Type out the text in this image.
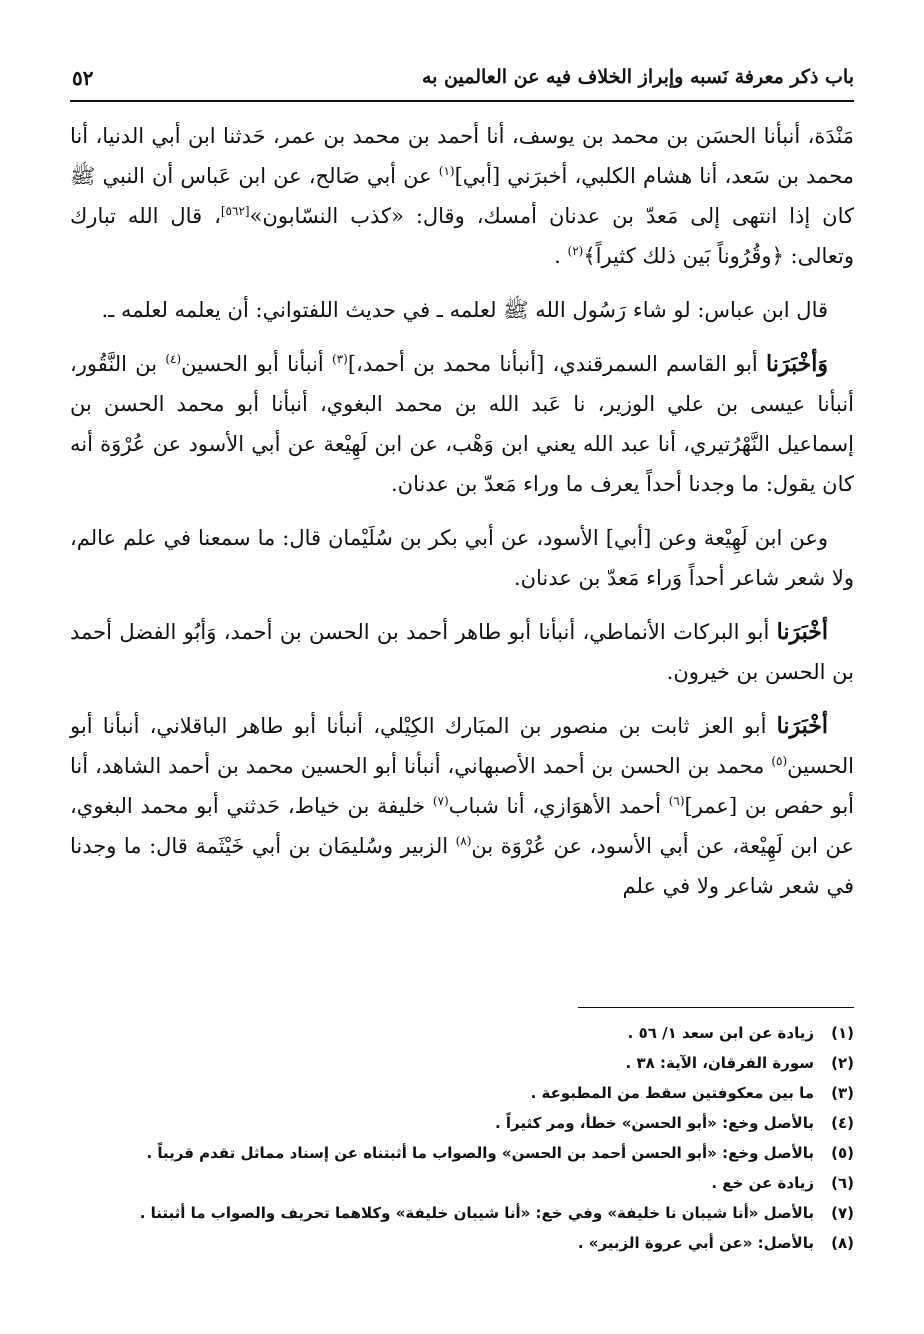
باب ذكر معرفة نَسبه وإبراز الخلاف فيه عن العالمين به
٥٢

مَنْدَة، أنبأنا الحسَن بن محمد بن يوسف، أنا أحمد بن محمد بن عمر، حَدثنا ابن أبي الدنيا، أنا محمد بن سَعد، أنا هشام الكلبي، أخبرَني [أبي]$^{(١)}$ عن أبي صَالح، عن ابن عَباس أن النبي ﷺ كان إذا انتهى إلى مَعدّ بن عدنان أمسك، وقال: «كذب النسّابون»[٥٦٢]، قال الله تبارك وتعالى: ﴿وقُرُوناً بَين ذلك كثيراً﴾$^{(٢)}$ .

قال ابن عباس: لو شاء رَسُول الله ﷺ لعلمه ـ في حديث اللفتواني: أن يعلمه لعلمه ـ.

وَأخْبَرَنا أبو القاسم السمرقندي، [أنبأنا محمد بن أحمد،]$^{(٣)}$ أنبأنا أبو الحسين$^{(٤)}$ بن النَّقُور، أنبأنا عيسى بن علي الوزير، نا عَبد الله بن محمد البغوي، أنبأنا أبو محمد الحسن بن إسماعيل النَّهْرُتيري، أنا عبد الله يعني ابن وَهْب، عن ابن لَهِيْعة عن أبي الأسود عن عُرْوَة أنه كان يقول: ما وجدنا أحداً يعرف ما وراء مَعدّ بن عدنان.

وعن ابن لَهِيْعة وعن [أبي] الأسود، عن أبي بكر بن سُلَيْمان قال: ما سمعنا في علم عالم، ولا شعر شاعر أحداً وَراء مَعدّ بن عدنان.

أخْبَرَنا أبو البركات الأنماطي، أنبأنا أبو طاهر أحمد بن الحسن بن أحمد، وَأبُو الفضل أحمد بن الحسن بن خيرون.

أخْبَرَنا أبو العز ثابت بن منصور بن المبَارك الكِيْلي، أنبأنا أبو طاهر الباقلاني، أنبأنا أبو الحسين$^{(٥)}$ محمد بن الحسن بن أحمد الأصبهاني، أنبأنا أبو الحسين محمد بن أحمد الشاهد، أنا أبو حفص بن [عمر]$^{(٦)}$ أحمد الأهوَازي، أنا شباب$^{(٧)}$ خليفة بن خياط، حَدثني أبو محمد البغوي، عن ابن لَهِيْعة، عن أبي الأسود، عن عُرْوَة بن$^{(٨)}$ الزبير وسُليمَان بن أبي خَيْثَمة قال: ما وجدنا في شعر شاعر ولا في علم

(١)زيادة عن ابن سعد ١/ ٥٦ .
(٢)سورة الفرقان، الآية: ٣٨ .
(٣)ما بين معكوفتين سقط من المطبوعة .
(٤)بالأصل وخع: «أبو الحسن» خطأ، ومر كثيراً .
(٥)بالأصل وخع: «أبو الحسن أحمد بن الحسن» والصواب ما أثبتناه عن إسناد مماثل تقدم قريباً .
(٦)زيادة عن خع .
(٧)بالأصل «أنا شيبان نا خليفة» وفي خع: «أنا شيبان خليفة» وكلاهما تحريف والصواب ما أثبتنا .
(٨)بالأصل: «عن أبي عروة الزبير» .
